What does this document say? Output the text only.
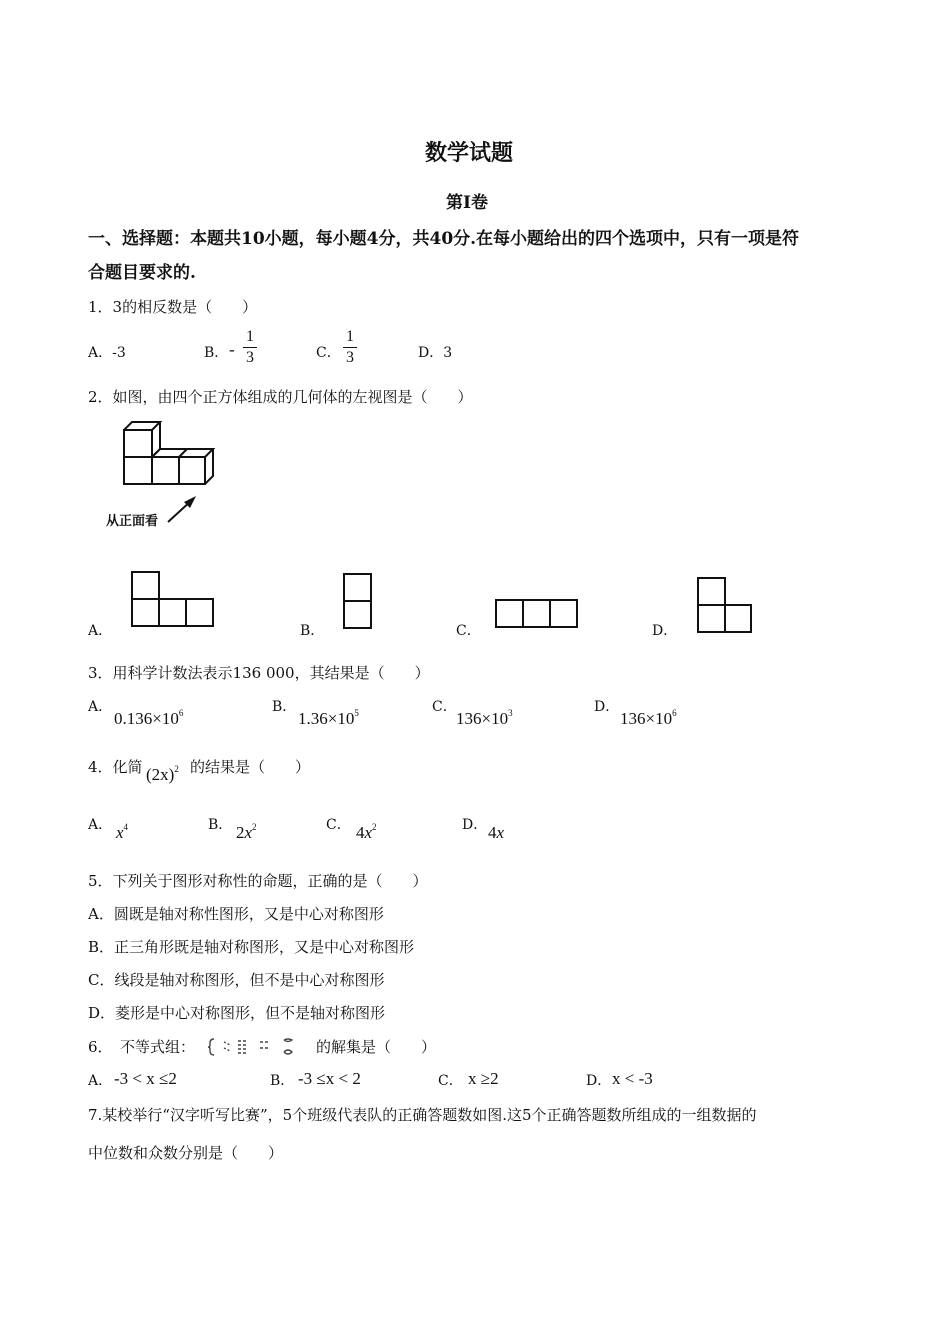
数学试题
第Ⅰ卷
一、选择题：本题共10小题，每小题4分，共40分.在每小题给出的四个选项中，只有一项是符
合题目要求的.
1．3的相反数是（　　）
A．-3	B． -
1
3	C．
1
3	D．3
2．如图，由四个正方体组成的几何体的左视图是（　　）
从正面看
A．	B．	C．	D．
3．用科学计数法表示136 000，其结果是（　　）
A．
$0.136\times 10^6$	B．
$1.36\times 10^5$	C．
$136\times 10^3$	D．
$136\times 10^6$
4．化简 $(2x)^2$ 的结果是（　　）
A． $x^4$	B． $2x^2$	C． $4x^2$	D． 4x
5．下列关于图形对称性的命题，正确的是（　　）
A．圆既是轴对称性图形，又是中心对称图形
B．正三角形既是轴对称图形，又是中心对称图形
C．线段是轴对称图形，但不是中心对称图形
D．菱形是中心对称图形，但不是轴对称图形
6．　不等式组：	的解集是（　　）
A． -3 < x ≤2	B． -3 ≤x < 2	C． x ≥2	D． x < -3
7.某校举行“汉字听写比赛”，5个班级代表队的正确答题数如图.这5个正确答题数所组成的一组数据的
中位数和众数分别是（　　）
